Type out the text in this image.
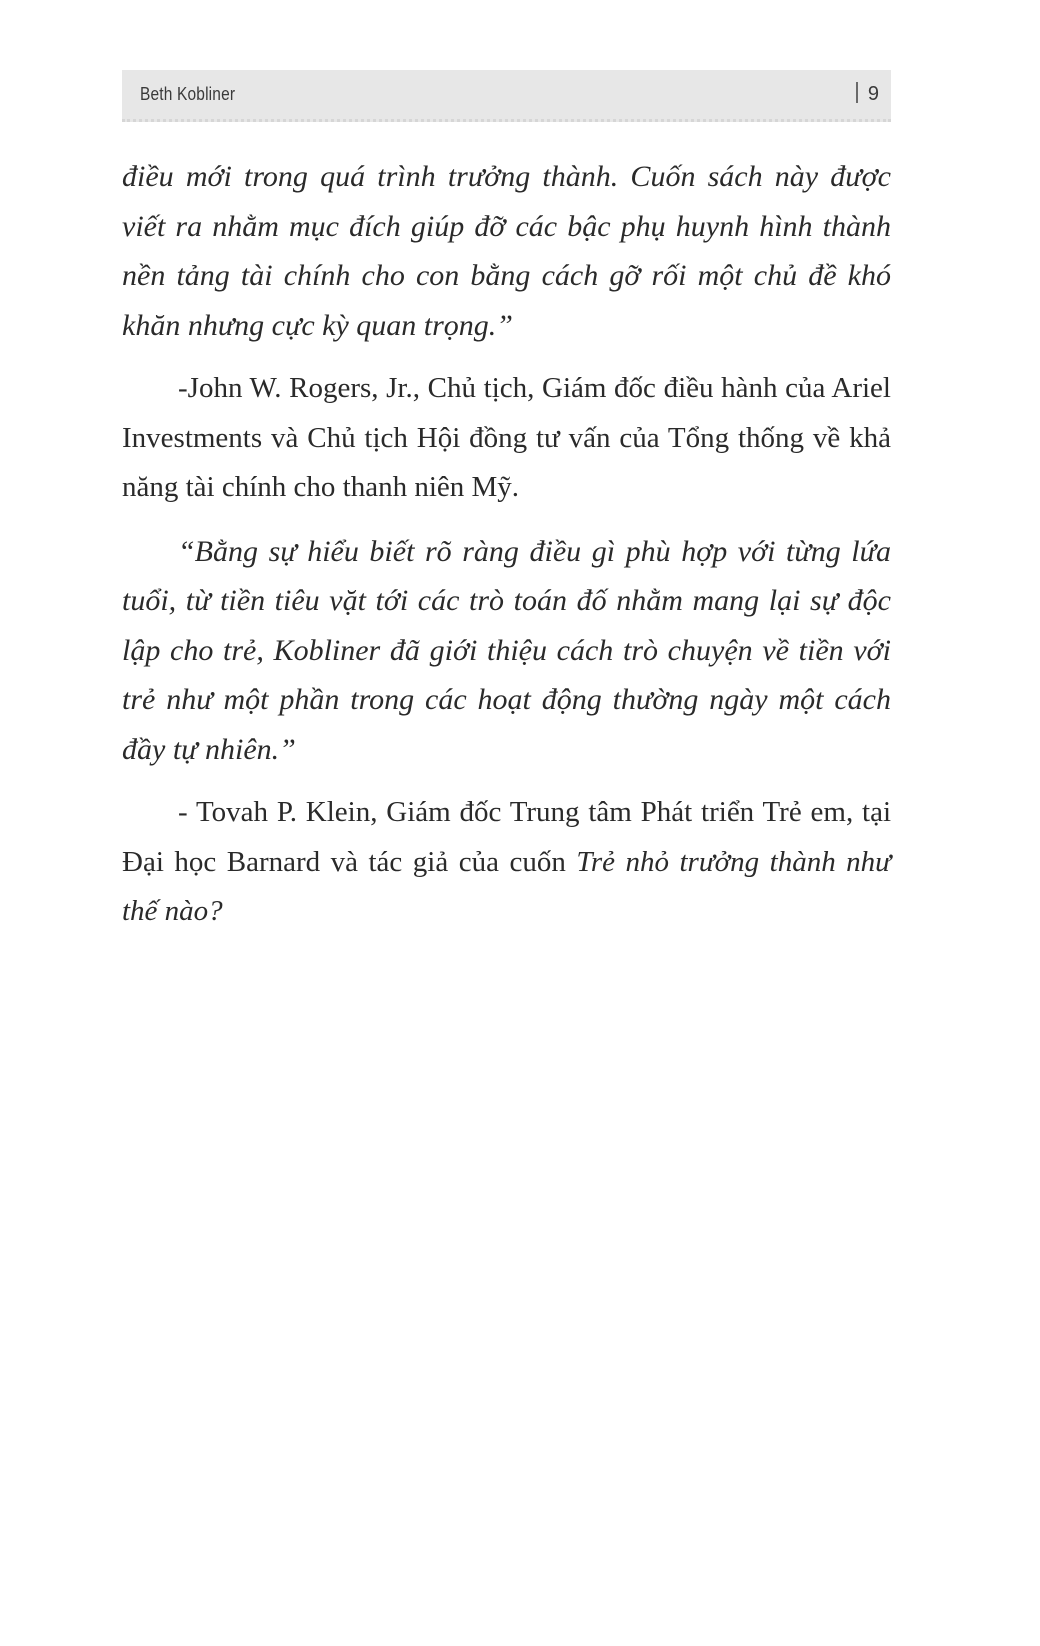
Beth Kobliner	9

điều mới trong quá trình trưởng thành. Cuốn sách này được viết ra nhằm mục đích giúp đỡ các bậc phụ huynh hình thành nền tảng tài chính cho con bằng cách gỡ rối một chủ đề khó khăn nhưng cực kỳ quan trọng.”

-John W. Rogers, Jr., Chủ tịch, Giám đốc điều hành của Ariel Investments và Chủ tịch Hội đồng tư vấn của Tổng thống về khả năng tài chính cho thanh niên Mỹ.

“Bằng sự hiểu biết rõ ràng điều gì phù hợp với từng lứa tuổi, từ tiền tiêu vặt tới các trò toán đố nhằm mang lại sự độc lập cho trẻ, Kobliner đã giới thiệu cách trò chuyện về tiền với trẻ như một phần trong các hoạt động thường ngày một cách đầy tự nhiên.”

- Tovah P. Klein, Giám đốc Trung tâm Phát triển Trẻ em, tại Đại học Barnard và tác giả của cuốn Trẻ nhỏ trưởng thành như thế nào?
